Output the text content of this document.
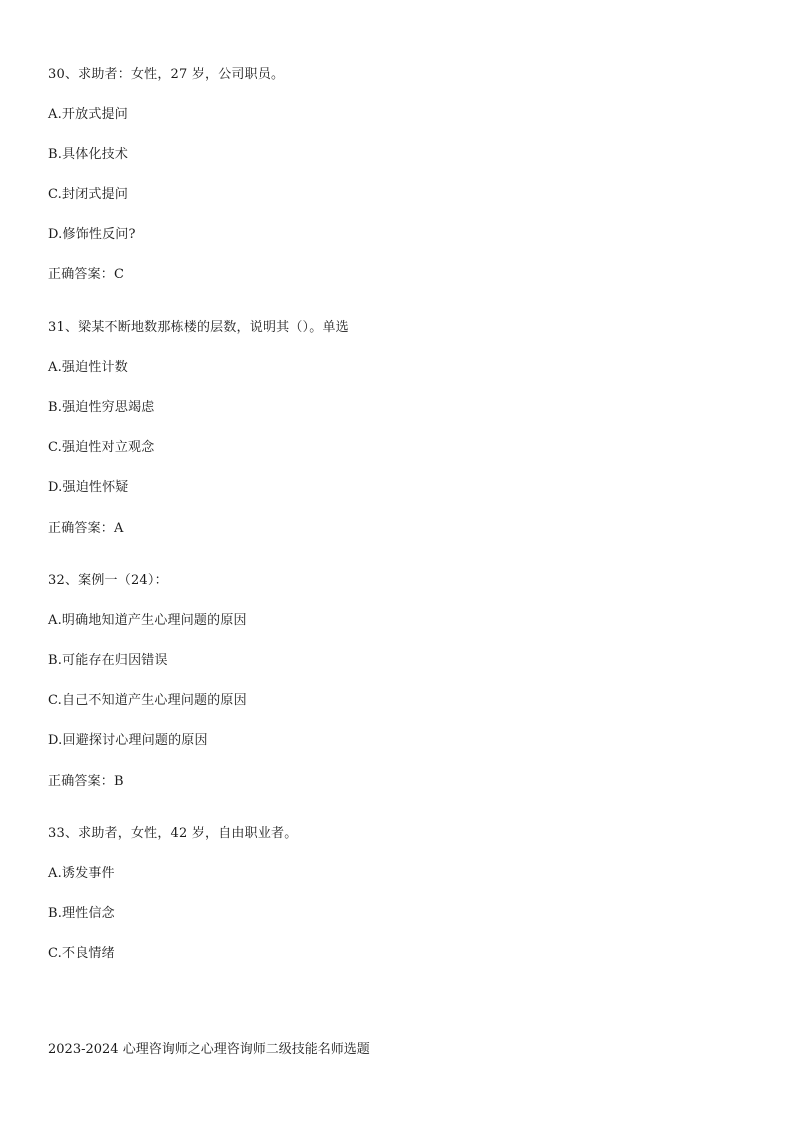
30、求助者：女性，27 岁，公司职员。
A.开放式提问
B.具体化技术
C.封闭式提问
D.修饰性反问?
正确答案：C
31、梁某不断地数那栋楼的层数，说明其（）。单选
A.强迫性计数
B.强迫性穷思竭虑
C.强迫性对立观念
D.强迫性怀疑
正确答案：A
32、案例一（24）：
A.明确地知道产生心理问题的原因
B.可能存在归因错误
C.自己不知道产生心理问题的原因
D.回避探讨心理问题的原因
正确答案：B
33、求助者，女性，42 岁，自由职业者。
A.诱发事件
B.理性信念
C.不良情绪
2023-2024 心理咨询师之心理咨询师二级技能名师选题
